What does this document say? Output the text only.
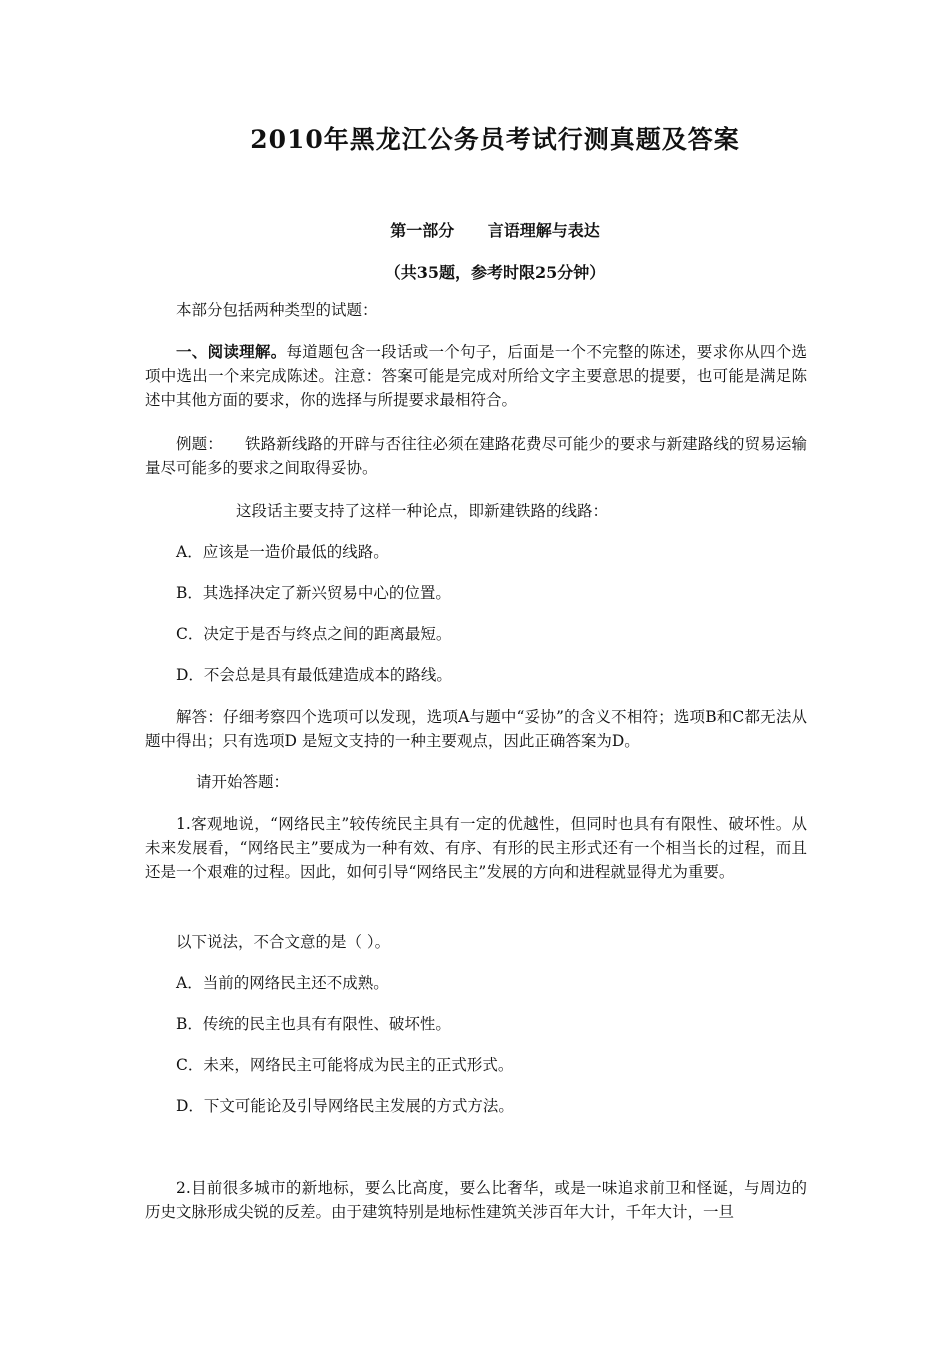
2010年黑龙江公务员考试行测真题及答案
第一部分 言语理解与表达
（共35题，参考时限25分钟）

本部分包括两种类型的试题：

一、阅读理解。每道题包含一段话或一个句子，后面是一个不完整的陈述，要求你从四个选项中选出一个来完成陈述。注意：答案可能是完成对所给文字主要意思的提要，也可能是满足陈述中其他方面的要求，你的选择与所提要求最相符合。

例题： 铁路新线路的开辟与否往往必须在建路花费尽可能少的要求与新建路线的贸易运输量尽可能多的要求之间取得妥协。

这段话主要支持了这样一种论点，即新建铁路的线路：
A．应该是一造价最低的线路。
B．其选择决定了新兴贸易中心的位置。
C．决定于是否与终点之间的距离最短。
D．不会总是具有最低建造成本的路线。

解答：仔细考察四个选项可以发现，选项A与题中“妥协”的含义不相符；选项B和C都无法从题中得出；只有选项D 是短文支持的一种主要观点，因此正确答案为D。

请开始答题：

1.客观地说，“网络民主”较传统民主具有一定的优越性，但同时也具有有限性、破坏性。从未来发展看，“网络民主”要成为一种有效、有序、有形的民主形式还有一个相当长的过程，而且还是一个艰难的过程。因此，如何引导“网络民主”发展的方向和进程就显得尤为重要。

以下说法，不合文意的是（ ）。
A．当前的网络民主还不成熟。
B．传统的民主也具有有限性、破坏性。
C．未来，网络民主可能将成为民主的正式形式。
D．下文可能论及引导网络民主发展的方式方法。

2.目前很多城市的新地标，要么比高度，要么比奢华，或是一味追求前卫和怪诞，与周边的历史文脉形成尖锐的反差。由于建筑特别是地标性建筑关涉百年大计，千年大计，一旦
